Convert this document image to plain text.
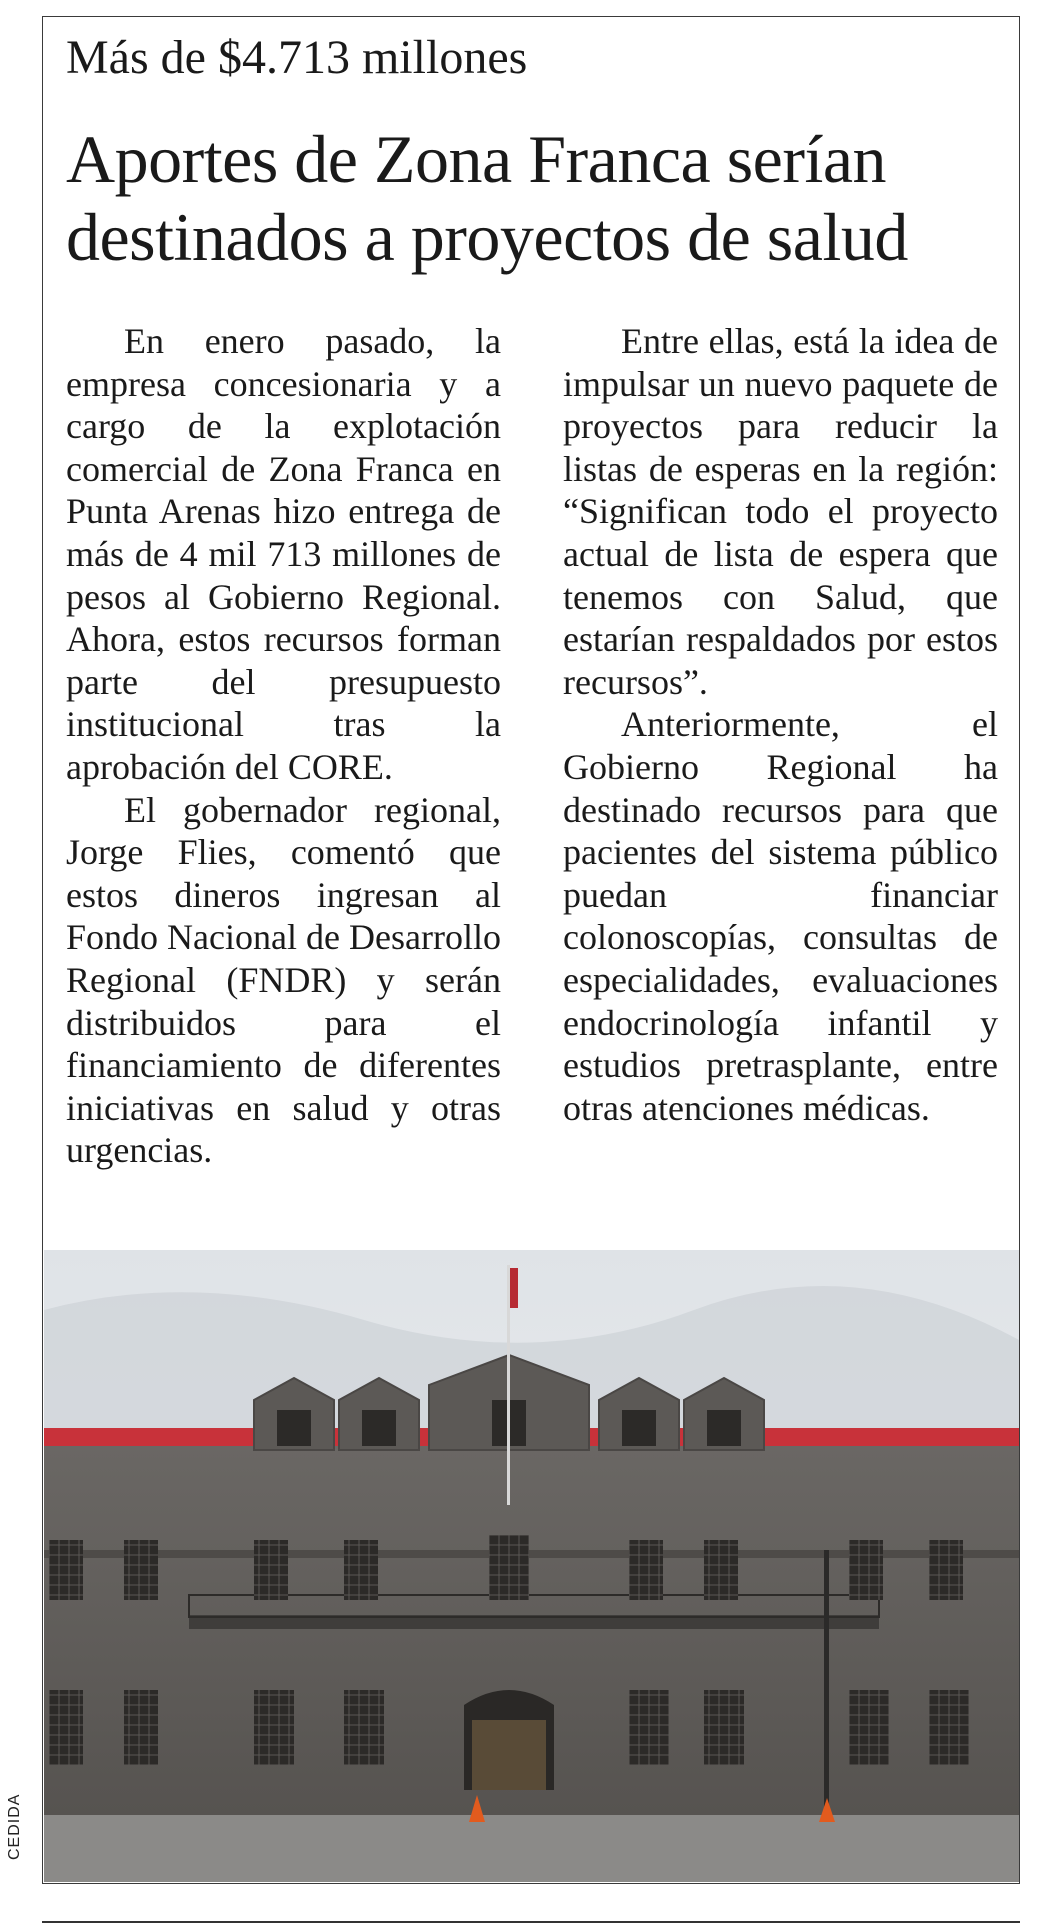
Más de $4.713 millones
Aportes de Zona Franca serían destinados a proyectos de salud

En enero pasado, la empresa concesionaria y a cargo de la explotación comercial de Zona Franca en Punta Arenas hizo entrega de más de 4 mil 713 millones de pesos al Gobierno Regional. Ahora, estos recursos forman parte del presupuesto institucional tras la aprobación del CORE.

El gobernador regional, Jorge Flies, comentó que estos dineros ingresan al Fondo Nacional de Desarrollo Regional (FNDR) y serán distribuidos para el financiamiento de diferentes iniciativas en salud y otras urgencias.

Entre ellas, está la idea de impulsar un nuevo paquete de proyectos para reducir la listas de esperas en la región: “Significan todo el proyecto actual de lista de espera que tenemos con Salud, que estarían respaldados por estos recursos”.

Anteriormente, el Gobierno Regional ha destinado recursos para que pacientes del sistema público puedan financiar colonoscopías, consultas de especialidades, evaluaciones endocrinología infantil y estudios pretrasplante, entre otras atenciones médicas.

CEDIDA
